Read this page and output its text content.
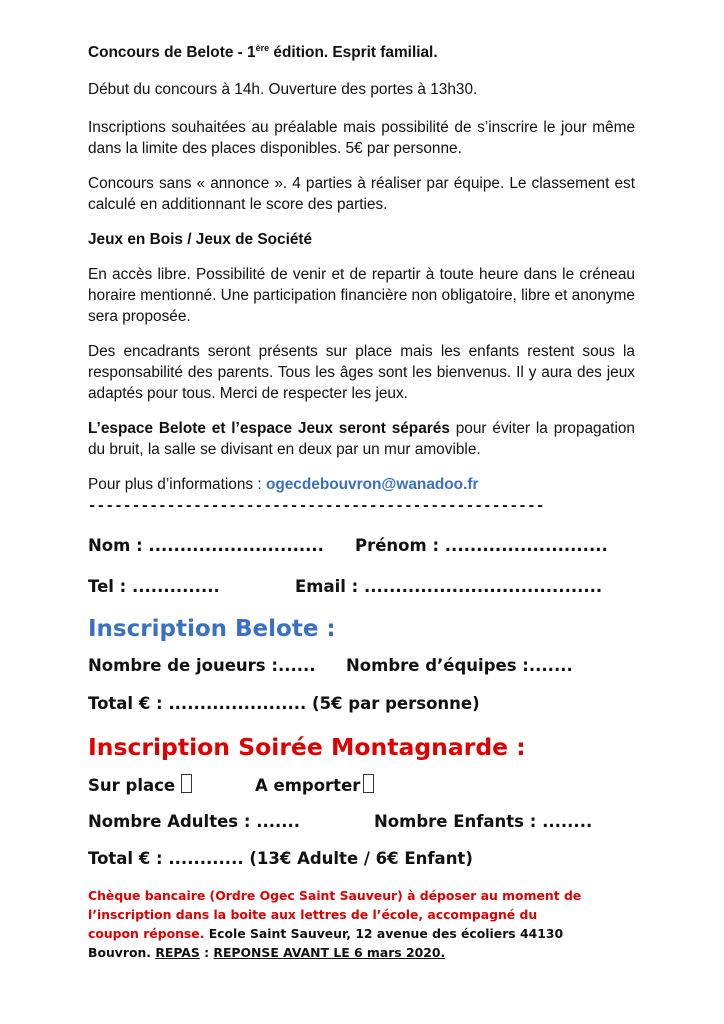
Concours de Belote - 1ère édition. Esprit familial.

Début du concours à 14h. Ouverture des portes à 13h30.

Inscriptions souhaitées au préalable mais possibilité de s’inscrire le jour même dans la limite des places disponibles. 5€ par personne.

Concours sans « annonce ». 4 parties à réaliser par équipe. Le classement est calculé en additionnant le score des parties.

Jeux en Bois / Jeux de Société

En accès libre. Possibilité de venir et de repartir à toute heure dans le créneau horaire mentionné. Une participation financière non obligatoire, libre et anonyme sera proposée.

Des encadrants seront présents sur place mais les enfants restent sous la responsabilité des parents. Tous les âges sont les bienvenus. Il y aura des jeux adaptés pour tous. Merci de respecter les jeux.

L’espace Belote et l’espace Jeux seront séparés pour éviter la propagation du bruit, la salle se divisant en deux par un mur amovible.

Pour plus d’informations : ogecdebouvron@wanadoo.fr

----------------------------------------------------
Nom : ............................ Prénom : ..........................
Tel : ..............	Email : ......................................
Inscription Belote :
Nombre de joueurs :...... Nombre d’équipes :.......
Total € : ...................... (5€ par personne)
Inscription Soirée Montagnarde :
Sur place	A emporter
Nombre Adultes : .......	Nombre Enfants : ........
Total € : ............ (13€ Adulte / 6€ Enfant)
Chèque bancaire (Ordre Ogec Saint Sauveur) à déposer au moment de
l’inscription dans la boite aux lettres de l’école, accompagné du
coupon réponse. Ecole Saint Sauveur, 12 avenue des écoliers 44130
Bouvron. REPAS : REPONSE AVANT LE 6 mars 2020.
